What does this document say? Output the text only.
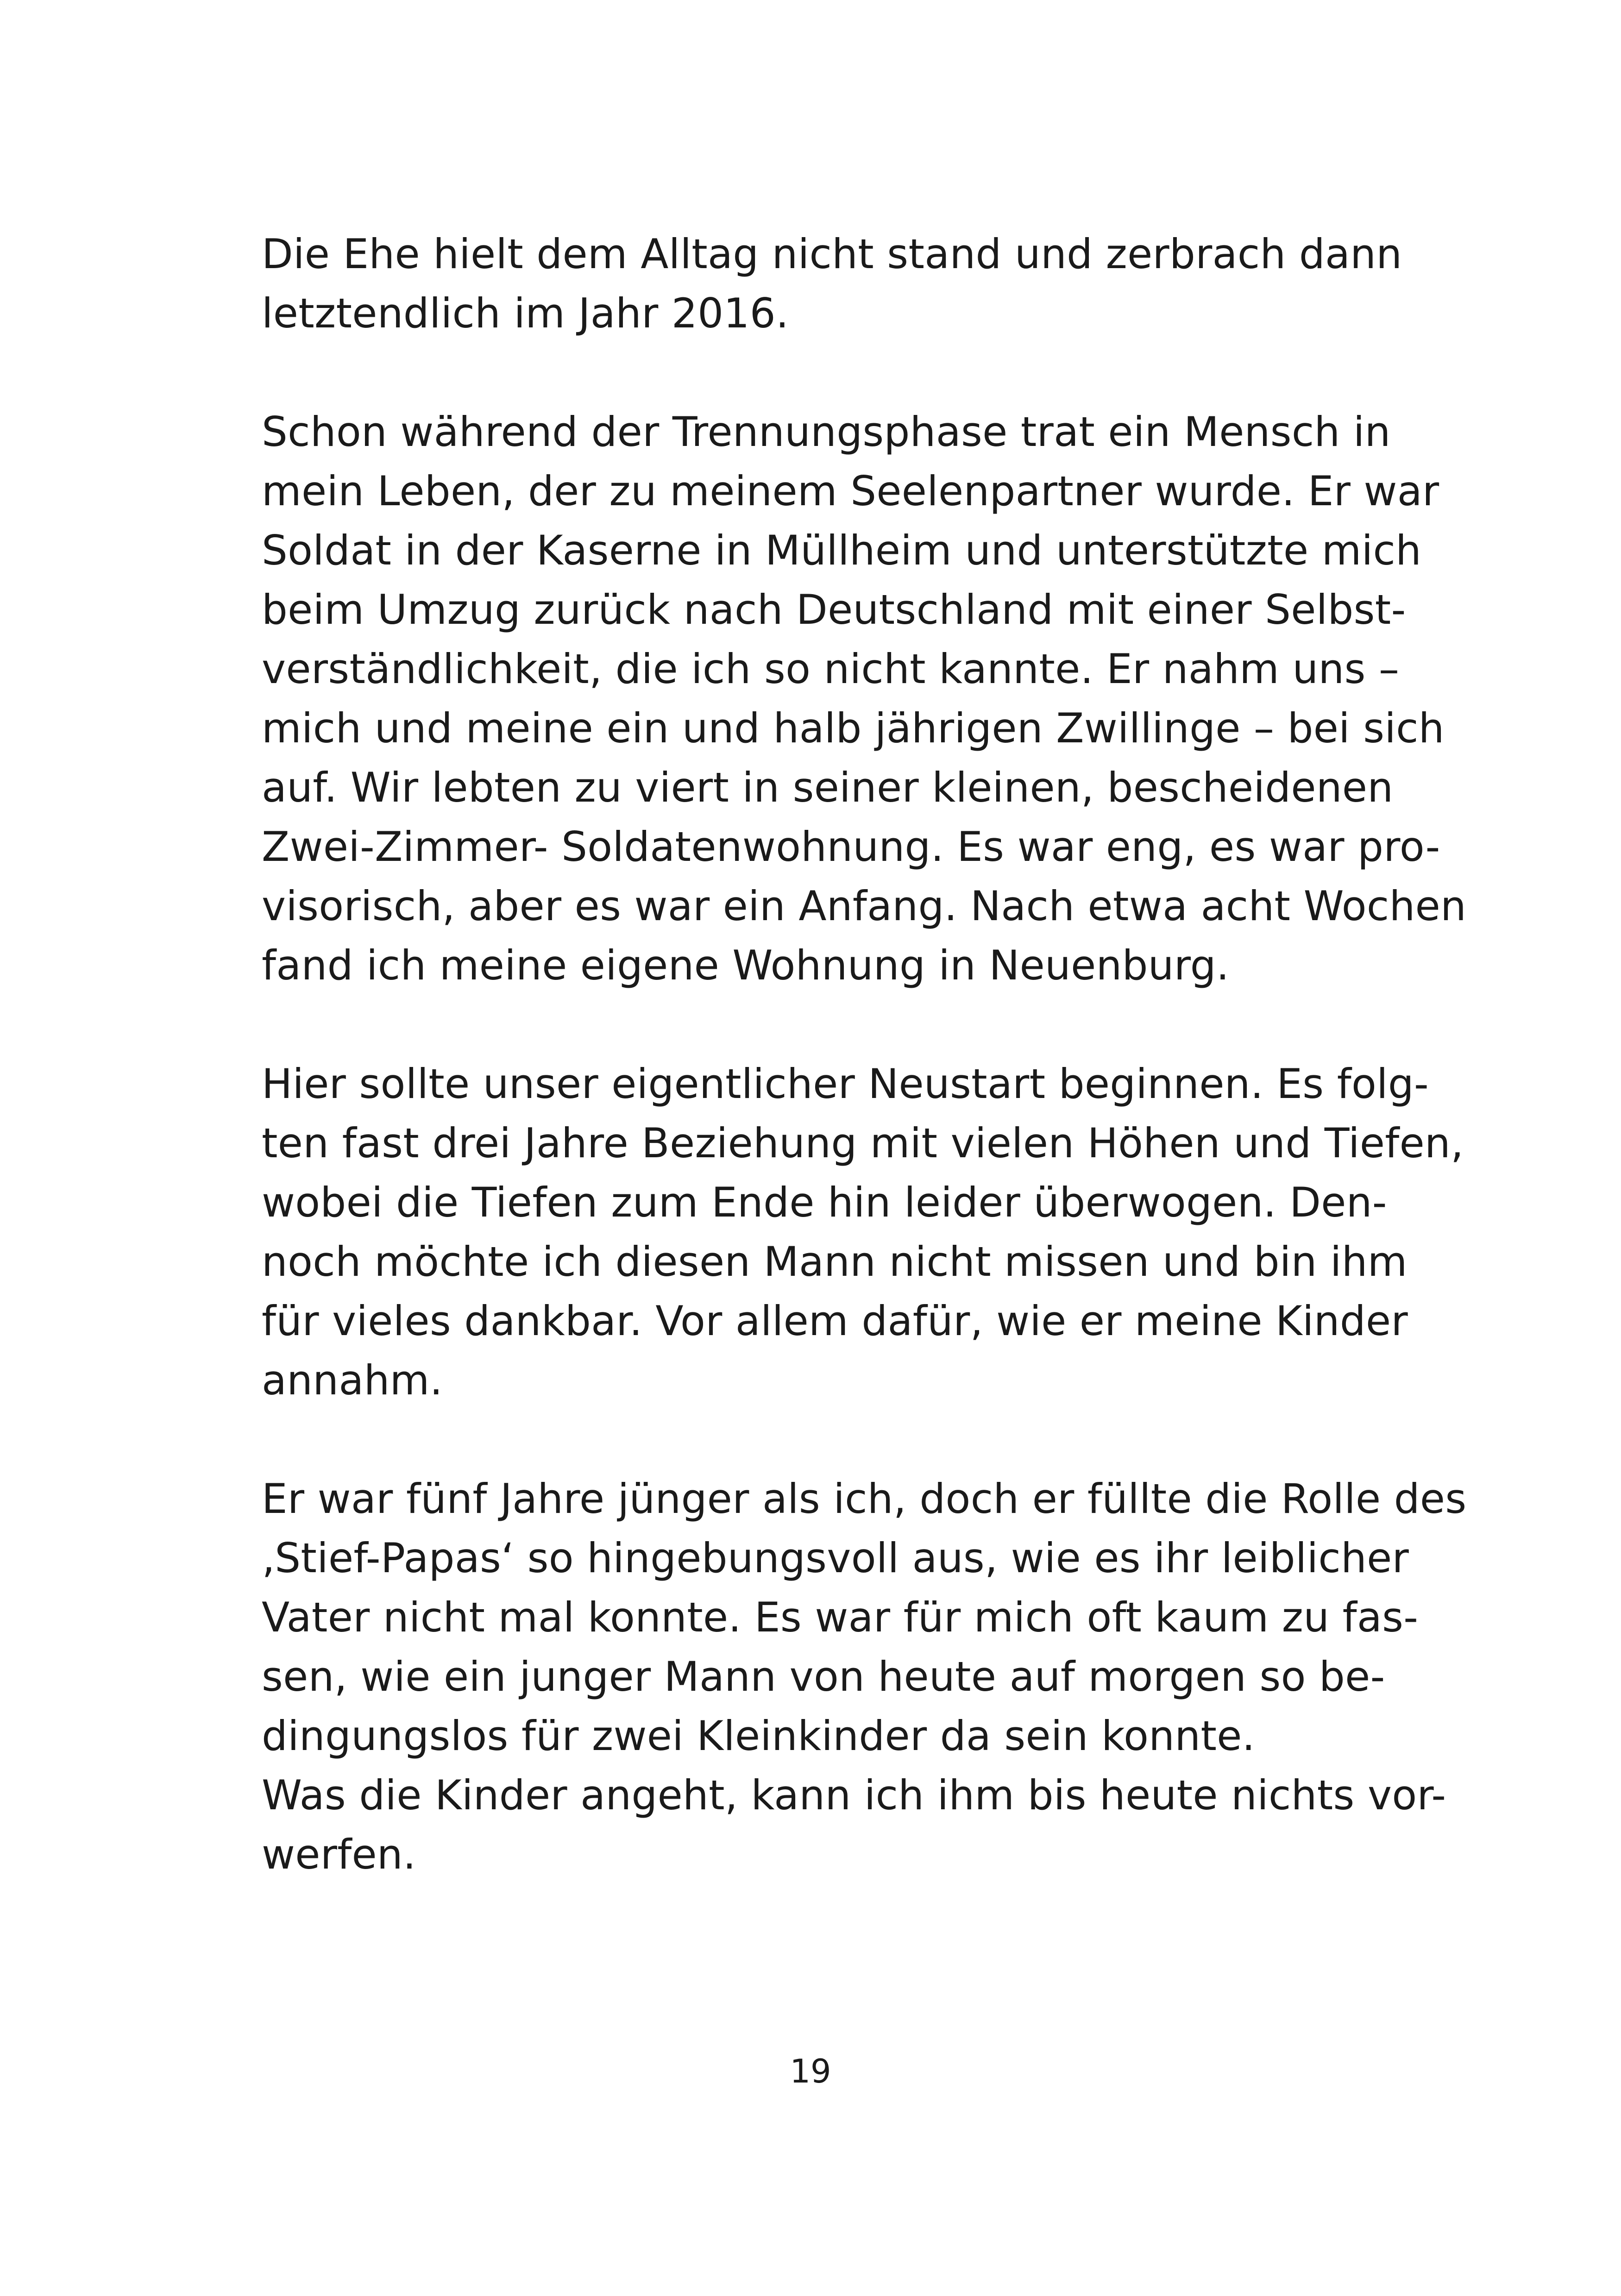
Die Ehe hielt dem Alltag nicht stand und zerbrach dann
letztendlich im Jahr 2016.

Schon während der Trennungsphase trat ein Mensch in
mein Leben, der zu meinem Seelenpartner wurde. Er war
Soldat in der Kaserne in Müllheim und unterstützte mich
beim Umzug zurück nach Deutschland mit einer Selbst-
verständlichkeit, die ich so nicht kannte. Er nahm uns –
mich und meine ein und halb jährigen Zwillinge – bei sich
auf. Wir lebten zu viert in seiner kleinen, bescheidenen
Zwei-Zimmer- Soldatenwohnung. Es war eng, es war pro-
visorisch, aber es war ein Anfang. Nach etwa acht Wochen
fand ich meine eigene Wohnung in Neuenburg.

Hier sollte unser eigentlicher Neustart beginnen. Es folg-
ten fast drei Jahre Beziehung mit vielen Höhen und Tiefen,
wobei die Tiefen zum Ende hin leider überwogen. Den-
noch möchte ich diesen Mann nicht missen und bin ihm
für vieles dankbar. Vor allem dafür, wie er meine Kinder
annahm.

Er war fünf Jahre jünger als ich, doch er füllte die Rolle des
‚Stief-Papas‘ so hingebungsvoll aus, wie es ihr leiblicher
Vater nicht mal konnte. Es war für mich oft kaum zu fas-
sen, wie ein junger Mann von heute auf morgen so be-
dingungslos für zwei Kleinkinder da sein konnte.
Was die Kinder angeht, kann ich ihm bis heute nichts vor-
werfen.

19
